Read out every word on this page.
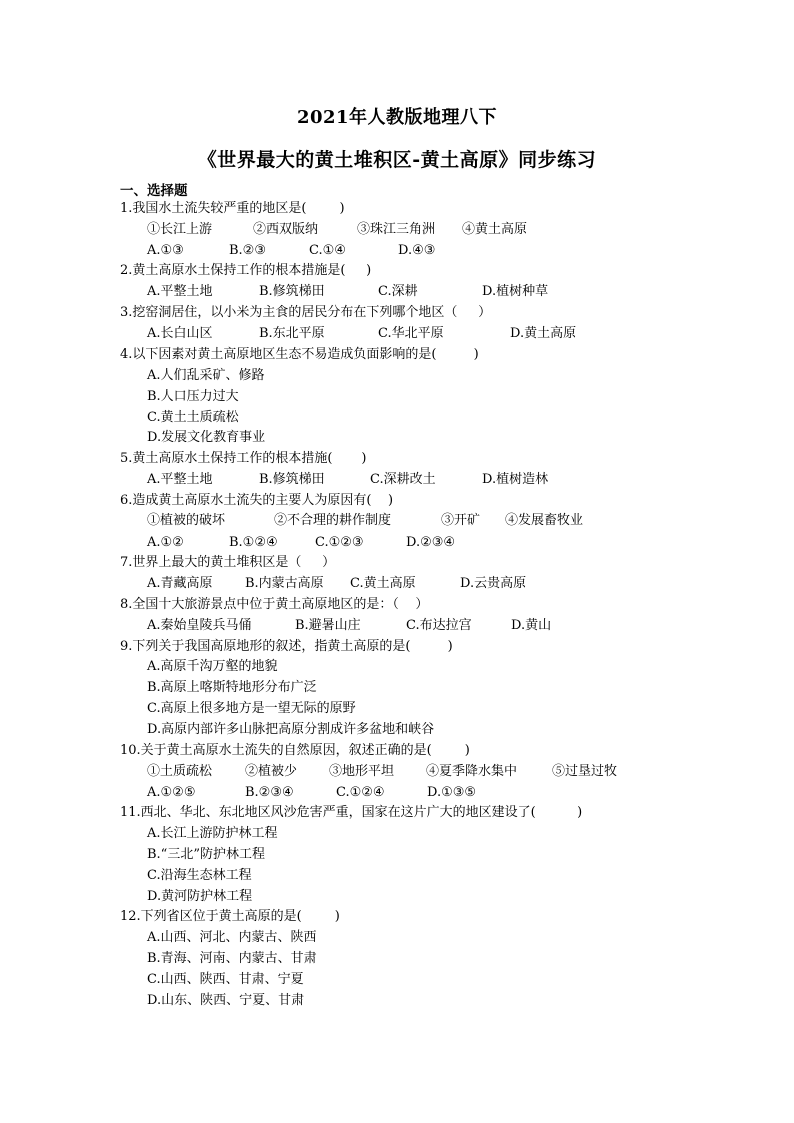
2021年人教版地理八下
《世界最大的黄土堆积区-黄土高原》同步练习
一、选择题
1.我国水土流失较严重的地区是(        )
①长江上游	②西双版纳	③珠江三角洲 ④黄土高原
A.①③	B.②③	C.①④	D.④③
2.黄土高原水土保持工作的根本措施是(     )
A.平整土地	B.修筑梯田	C.深耕	D.植树种草
3.挖窑洞居住，以小米为主食的居民分布在下列哪个地区（     ）
A.长白山区	B.东北平原	C.华北平原	D.黄土高原
4.以下因素对黄土高原地区生态不易造成负面影响的是(         )
A.人们乱采矿、修路
B.人口压力过大
C.黄土土质疏松
D.发展文化教育事业
5.黄土高原水土保持工作的根本措施(       )
A.平整土地	B.修筑梯田	C.深耕改土	D.植树造林
6.造成黄土高原水土流失的主要人为原因有(    )
①植被的破坏	②不合理的耕作制度	③开矿 ④发展畜牧业
A.①②	B.①②④	C.①②③	D.②③④
7.世界上最大的黄土堆积区是（     ）
A.青藏高原 B.内蒙古高原 C.黄土高原	D.云贵高原
8.全国十大旅游景点中位于黄土高原地区的是：（    ）
A.秦始皇陵兵马俑	B.避暑山庄	C.布达拉宫	D.黄山
9.下列关于我国高原地形的叙述，指黄土高原的是(         )
A.高原千沟万壑的地貌
B.高原上喀斯特地形分布广泛
C.高原上很多地方是一望无际的原野
D.高原内部许多山脉把高原分割成许多盆地和峡谷
10.关于黄土高原水土流失的自然原因，叙述正确的是(        )
①土质疏松	②植被少 ③地形平坦 ④夏季降水集中	⑤过垦过牧
A.①②⑤	B.②③④	C.①②④	D.①③⑤
11.西北、华北、东北地区风沙危害严重，国家在这片广大的地区建设了(          )
A.长江上游防护林工程
B.“三北”防护林工程
C.沿海生态林工程
D.黄河防护林工程
12.下列省区位于黄土高原的是(        )
A.山西、河北、内蒙古、陕西
B.青海、河南、内蒙古、甘肃
C.山西、陕西、甘肃、宁夏
D.山东、陕西、宁夏、甘肃
